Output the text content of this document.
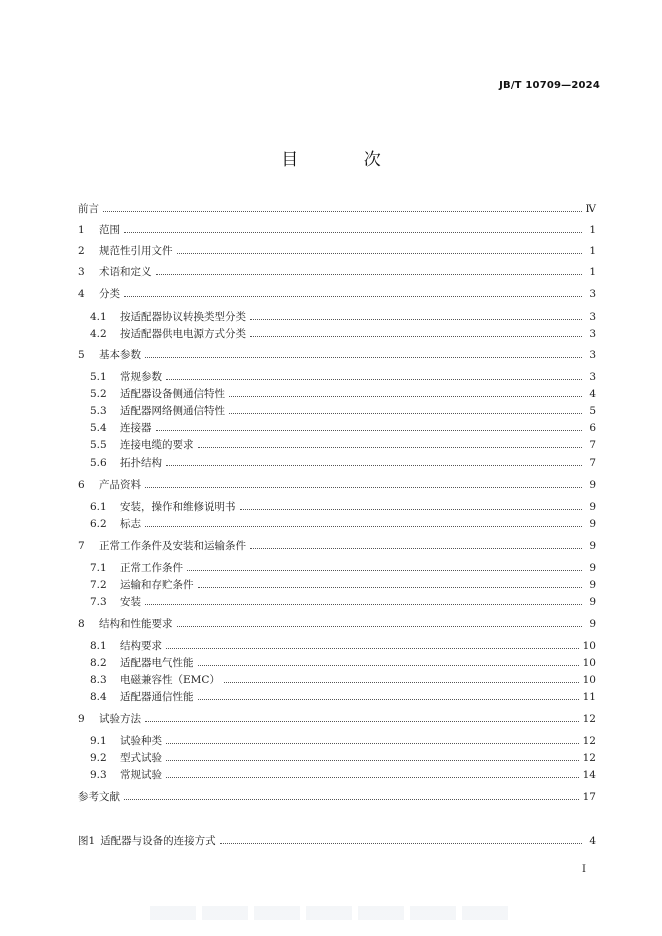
JB/T 10709—2024
目 次
前言	Ⅳ
1	范围	1
2	规范性引用文件	1
3	术语和定义	1
4	分类	3
4.1	按适配器协议转换类型分类	3
4.2	按适配器供电电源方式分类	3
5	基本参数	3
5.1	常规参数	3
5.2	适配器设备侧通信特性	4
5.3	适配器网络侧通信特性	5
5.4	连接器	6
5.5	连接电缆的要求	7
5.6	拓扑结构	7
6	产品资料	9
6.1	安装，操作和维修说明书	9
6.2	标志	9
7	正常工作条件及安装和运输条件	9
7.1	正常工作条件	9
7.2	运输和存贮条件	9
7.3	安装	9
8	结构和性能要求	9
8.1	结构要求	10
8.2	适配器电气性能	10
8.3	电磁兼容性（EMC）	10
8.4	适配器通信性能	11
9	试验方法	12
9.1	试验种类	12
9.2	型式试验	12
9.3	常规试验	14
参考文献	17
图1 适配器与设备的连接方式	4
I
